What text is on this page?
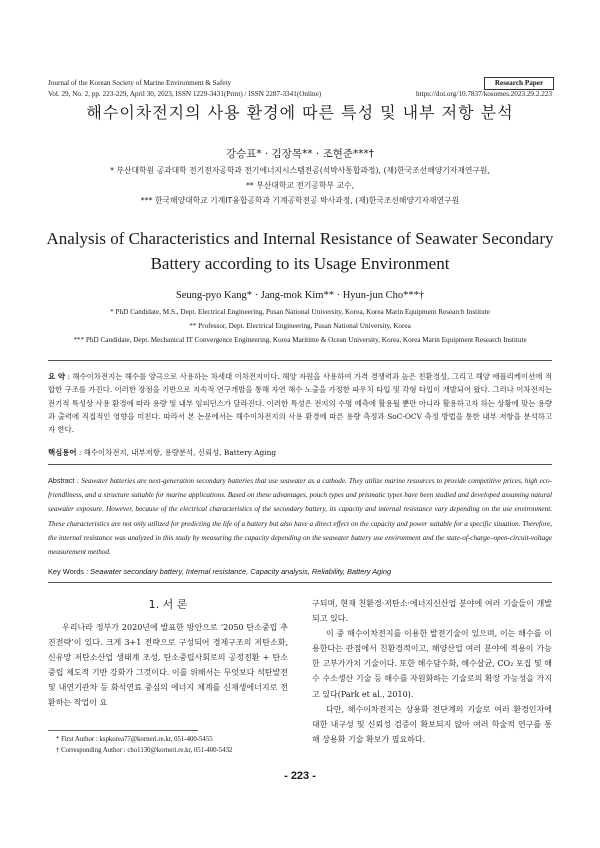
Journal of the Korean Society of Marine Environment & Safety
Vol. 29, No. 2, pp. 223-229, April 30, 2023, ISSN 1229-3431(Print) / ISSN 2287-3341(Online)
Research Paper
https://doi.org/10.7837/kosomes.2023.29.2.223
해수이차전지의 사용 환경에 따른 특성 및 내부 저항 분석
강승표* · 김장목** · 조현준***†
* 부산대학원 공과대학 전기전자공학과 전기에너지시스템전공(석박사통합과정), (재)한국조선해양기자재연구원,
** 부산대학교 전기공학부 교수,
*** 한국해양대학교 기계IT융합공학과 기계공학전공 박사과정, (재)한국조선해양기자재연구원
Analysis of Characteristics and Internal Resistance of Seawater Secondary
Battery according to its Usage Environment
Seung-pyo Kang* · Jang-mok Kim** · Hyun-jun Cho***†
* PhD Candidate, M.S., Dept. Electrical Engineering, Pusan National University, Korea, Korea Marin Equipment Research Institute
** Professor, Dept. Electrical Engineering, Pusan National University, Korea
*** PhD Candidate, Dept. Mechanical IT Convergence Engineering, Korea Maritime & Ocean University, Korea, Korea Marin Equipment Research Institute
요 약 : 해수이차전지는 해수를 양극으로 사용하는 차세대 이차전지이다. 해양 자원을 사용하여 가격 경쟁력과 높은 친환경성, 그리고 해양 애플리케이션에 적합한 구조를 가진다. 이러한 장점을 기반으로 지속적 연구개발을 통해 자연 해수 노출을 가정한 파우치 타입 및 각형 타입이 개발되어 왔다. 그러나 이차전지는 전기적 특성상 사용 환경에 따라 용량 및 내부 임피던스가 달라진다. 이러한 특성은 전지의 수명 예측에 활용될 뿐만 아니라 활용하고자 하는 상황에 맞는 용량과 출력에 직접적인 영향을 미친다. 따라서 본 논문에서는 해수이차전지의 사용 환경에 따른 용량 측정과 SoC-OCV 측정 방법을 통한 내부 저항을 분석하고자 한다.
핵심용어 : 해수이차전지, 내부저항, 용량분석, 신뢰성, Battery Aging
Abstract : Seawater batteries are next-generation secondary batteries that use seawater as a cathode. They utilize marine resources to provide competitive prices, high eco-friendliness, and a structure suitable for marine applications. Based on these advantages, pouch types and prismatic types have been studied and developed assuming natural seawater exposure. However, because of the electrical characteristics of the secondary battery, its capacity and internal resistance vary depending on the use environment. These characteristics are not only utilized for predicting the life of a battery but also have a direct effect on the capacity and power suitable for a specific situation. Therefore, the internal resistance was analyzed in this study by measuring the capacity depending on the seawater battery use environment and the state-of-charge–open-circuit-voltage measurement method.
Key Words : Seawater secondary battery, Internal resistance, Capacity analysis, Reliability, Battery Aging
1. 서 론

우리나라 정부가 2020년에 발표한 방안으로 ‘2050 탄소중립 추진전략’이 있다. 크게 3+1 전략으로 구성되어 경제구조의 저탄소화, 신유망 저탄소산업 생태계 조성, 탄소중립사회로의 공정전환 + 탄소중립 제도적 기반 강화가 그것이다. 이를 위해서는 무엇보다 석탄발전 및 내연기관차 등 화석연료 중심의 에너지 체계를 신재생에너지로 전환하는 작업이 요

구되며, 현재 친환경·저탄소·에너지신산업 분야에 여러 기술들이 개발되고 있다.

이 중 해수이차전지를 이용한 발전기술이 있으며, 이는 해수를 이용한다는 관점에서 친환경적이고, 해양산업 여러 분야에 적용이 가능한 고부가가치 기술이다. 또한 해수담수화, 해수살균, CO₂ 포집 및 해수 수소생산 기술 등 해수를 자원화하는 기술로의 확장 가능성을 가지고 있다(Park et al., 2010).

다만, 해수이차전지는 상용화 전단계의 기술로 여러 환경인자에 대한 내구성 및 신뢰성 검증이 확보되지 않아 여러 학술적 연구를 통해 상용화 기술 확보가 필요하다.

* First Author : kspkorea77@korneri.re.kr, 051-400-5455
† Corresponding Author : cho1130@korneri.re.kr, 051-400-5432
- 223 -
